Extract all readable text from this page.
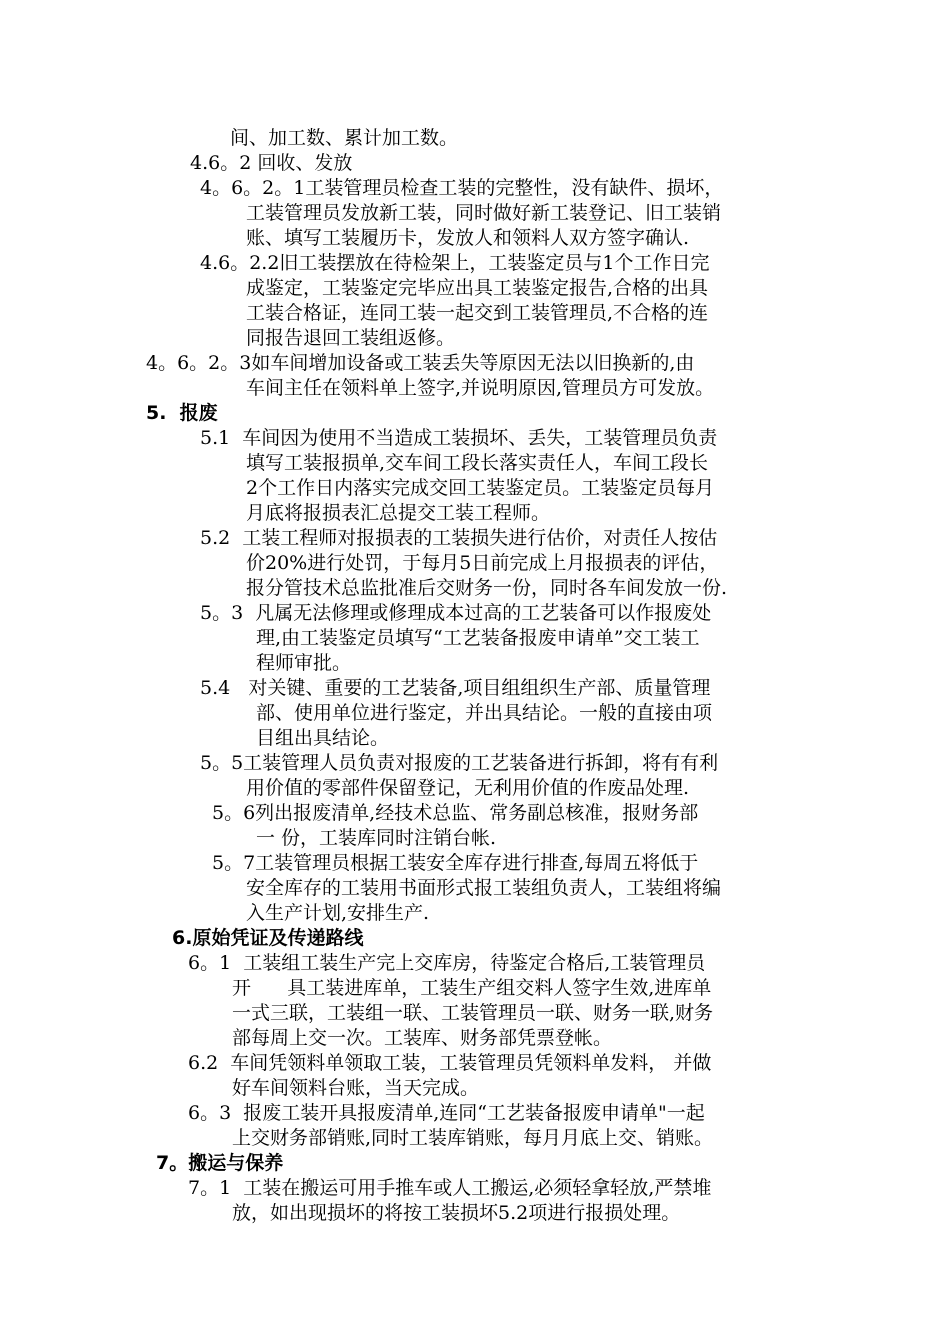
间、加工数、累计加工数。
4.6。2 回收、发放
4。6。2。1工装管理员检查工装的完整性，没有缺件、损坏，
工装管理员发放新工装，同时做好新工装登记、旧工装销
账、填写工装履历卡，发放人和领料人双方签字确认.
4.6。2.2旧工装摆放在待检架上，工装鉴定员与1个工作日完
成鉴定，工装鉴定完毕应出具工装鉴定报告,合格的出具
工装合格证，连同工装一起交到工装管理员,不合格的连
同报告退回工装组返修。
4。6。2。3如车间增加设备或工装丢失等原因无法以旧换新的,由
车间主任在领料单上签字,并说明原因,管理员方可发放。
5.  报废
5.1  车间因为使用不当造成工装损坏、丢失，工装管理员负责
填写工装报损单,交车间工段长落实责任人，车间工段长
2个工作日内落实完成交回工装鉴定员。工装鉴定员每月
月底将报损表汇总提交工装工程师。
5.2  工装工程师对报损表的工装损失进行估价，对责任人按估
价20%进行处罚，于每月5日前完成上月报损表的评估，
报分管技术总监批准后交财务一份，同时各车间发放一份.
5。3  凡属无法修理或修理成本过高的工艺装备可以作报废处
理,由工装鉴定员填写“工艺装备报废申请单”交工装工
程师审批。
5.4   对关键、重要的工艺装备,项目组组织生产部、质量管理
部、使用单位进行鉴定，并出具结论。一般的直接由项
目组出具结论。
5。5工装管理人员负责对报废的工艺装备进行拆卸，将有有利
用价值的零部件保留登记，无利用价值的作废品处理.
5。6列出报废清单,经技术总监、常务副总核准，报财务部
一 份，工装库同时注销台帐.
5。7工装管理员根据工装安全库存进行排查,每周五将低于
安全库存的工装用书面形式报工装组负责人，工装组将编
入生产计划,安排生产.
6.原始凭证及传递路线
6。1  工装组工装生产完上交库房，待鉴定合格后,工装管理员
开      具工装进库单，工装生产组交料人签字生效,进库单
一式三联，工装组一联、工装管理员一联、财务一联,财务
部每周上交一次。工装库、财务部凭票登帐。
6.2  车间凭领料单领取工装，工装管理员凭领料单发料， 并做
好车间领料台账，当天完成。
6。3  报废工装开具报废清单,连同“工艺装备报废申请单"一起
上交财务部销账,同时工装库销账，每月月底上交、销账。
7。搬运与保养
7。1  工装在搬运可用手推车或人工搬运,必须轻拿轻放,严禁堆
放，如出现损坏的将按工装损坏5.2项进行报损处理。
